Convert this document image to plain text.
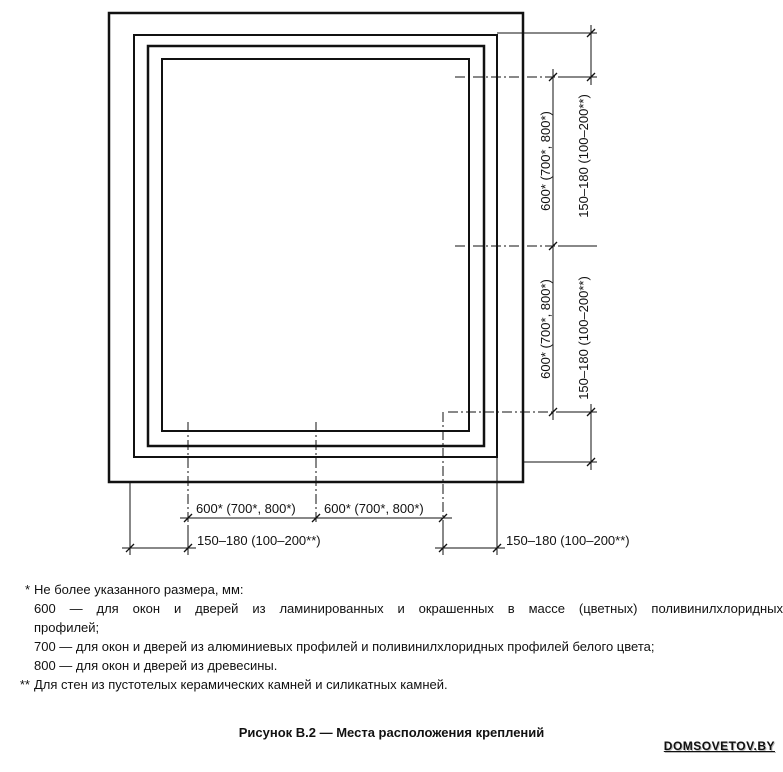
600* (700*, 800*) 600* (700*, 800*)
150–180 (100–200**)	150–180 (100–200**)
600* (700*, 800*)
600* (700*, 800*)
150–180 (100–200**)
150–180 (100–200**)
* Не более указанного размера, мм:
600 — для окон и дверей из ламинированных и окрашенных в массе (цветных) поливинилхлоридных
профилей;
700 — для окон и дверей из алюминиевых профилей и поливинилхлоридных профилей белого цвета;
800 — для окон и дверей из древесины.
** Для стен из пустотелых керамических камней и силикатных камней.
Рисунок В.2 — Места расположения креплений
DOMSOVETOV.BY
